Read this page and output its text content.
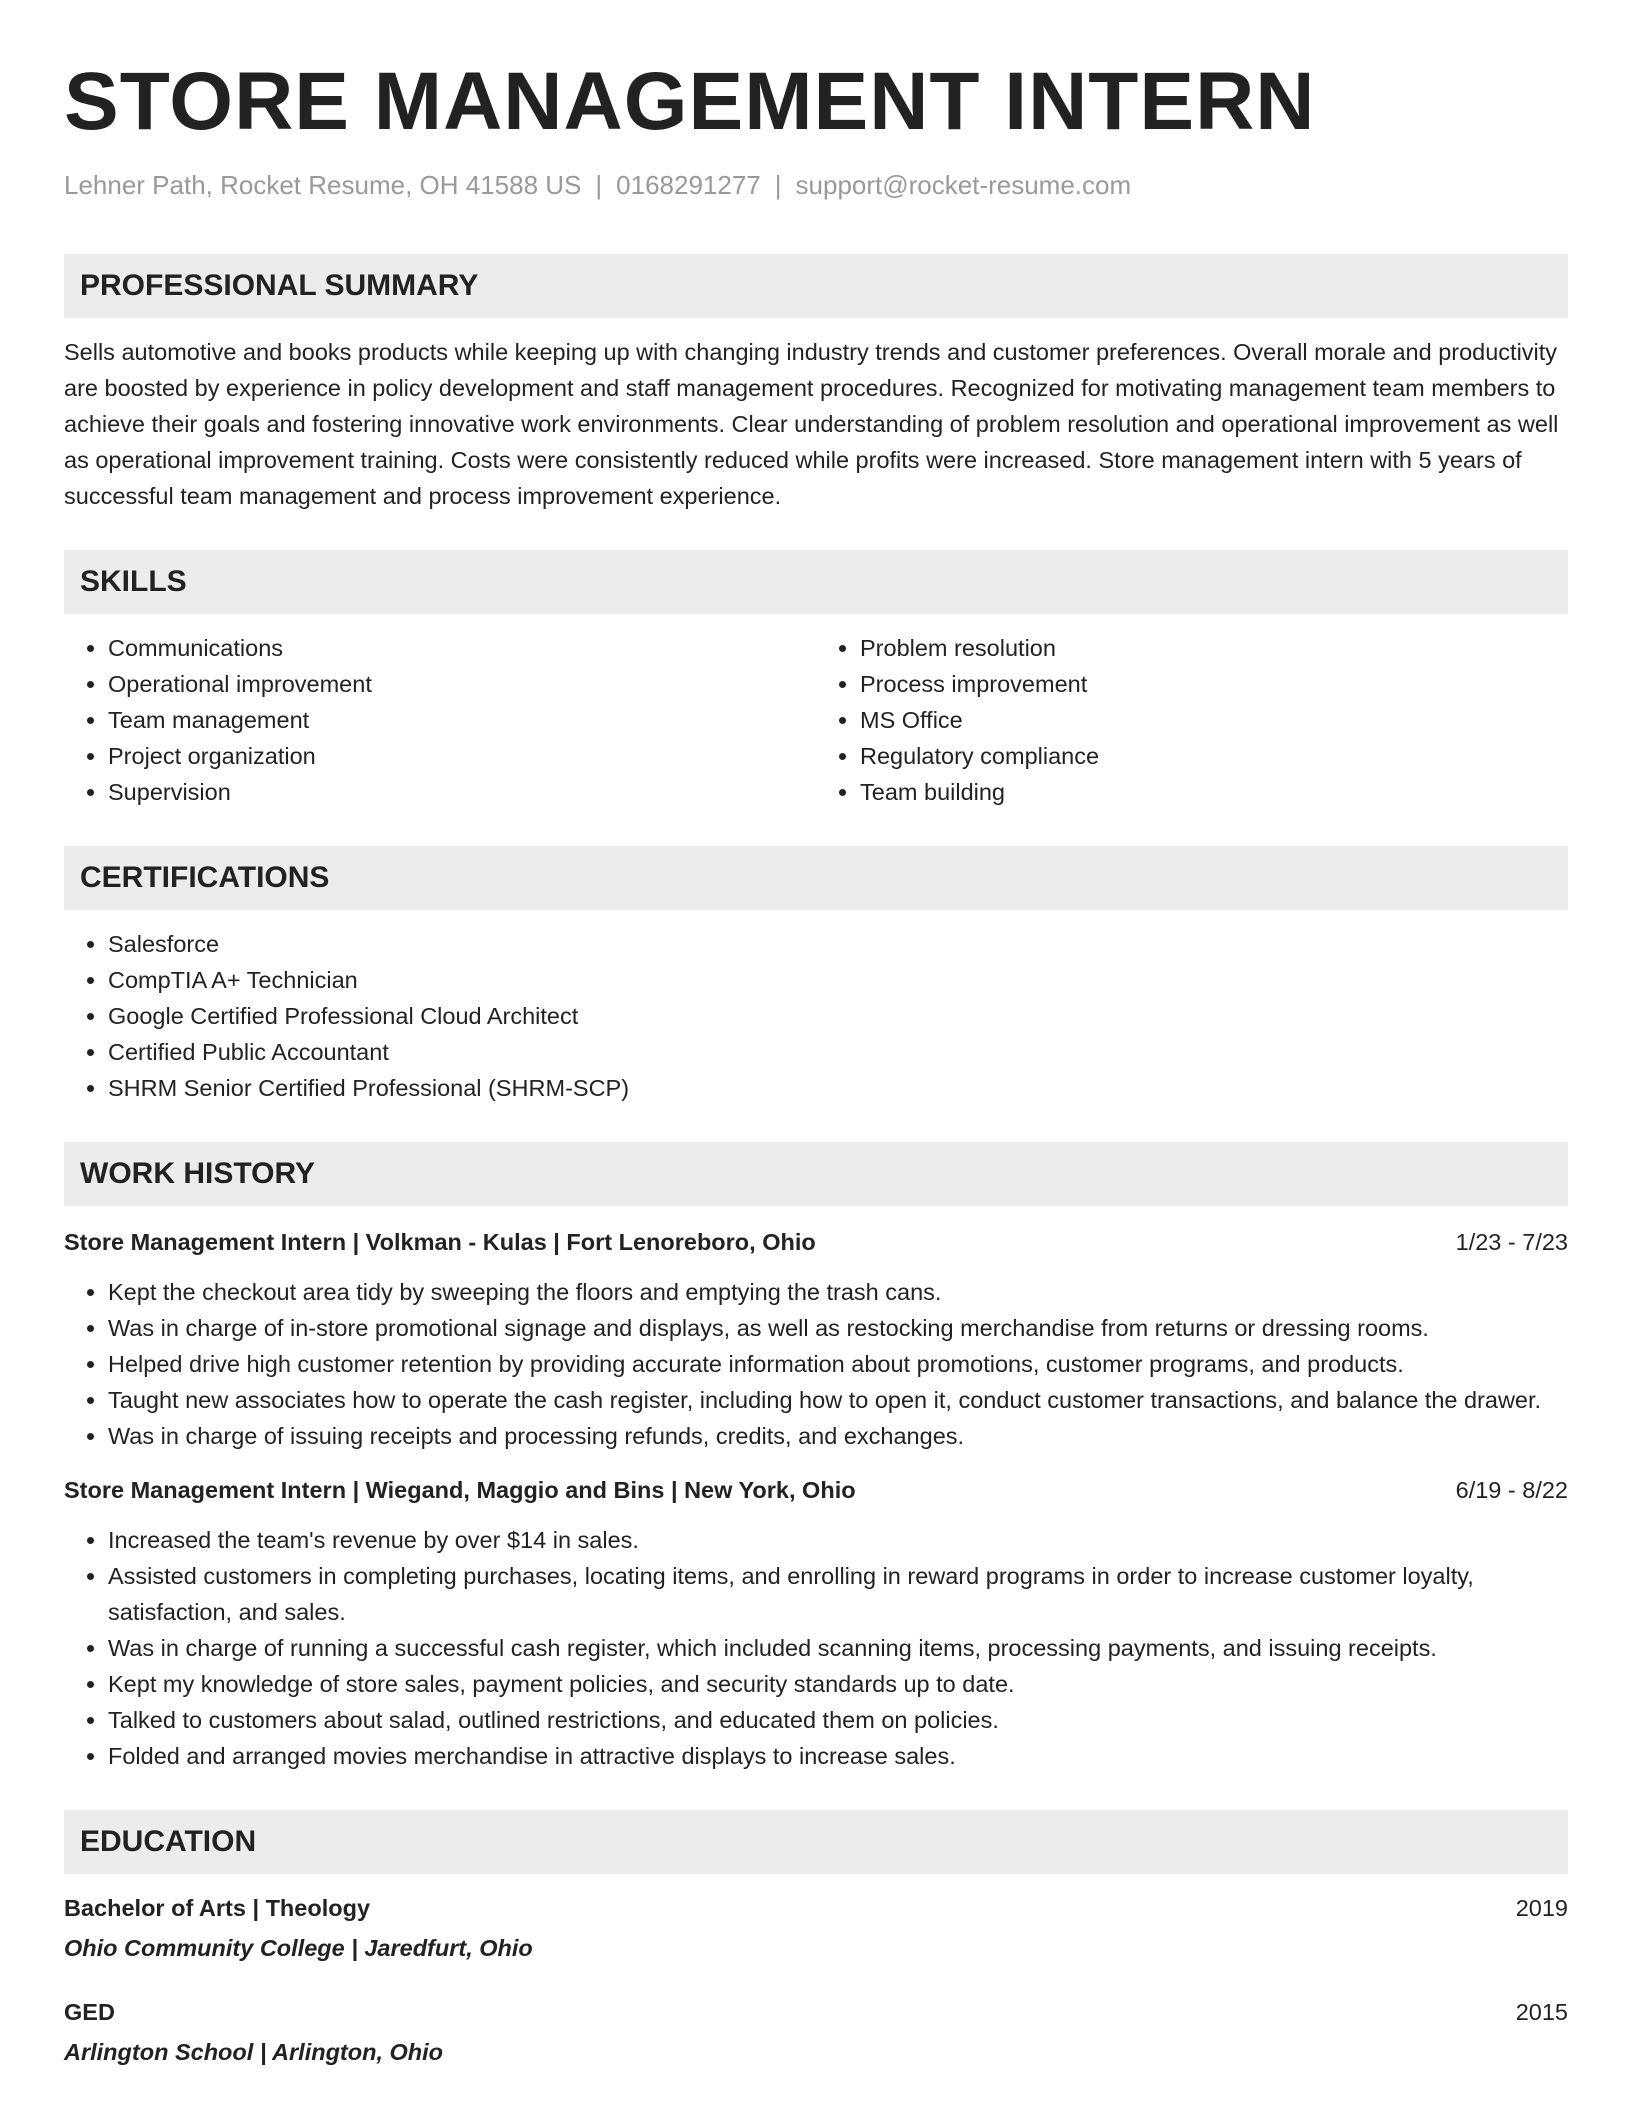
STORE MANAGEMENT INTERN
Lehner Path, Rocket Resume, OH 41588 US | 0168291277 | support@rocket-resume.com
PROFESSIONAL SUMMARY
Sells automotive and books products while keeping up with changing industry trends and customer preferences. Overall morale and productivity are boosted by experience in policy development and staff management procedures. Recognized for motivating management team members to achieve their goals and fostering innovative work environments. Clear understanding of problem resolution and operational improvement as well as operational improvement training. Costs were consistently reduced while profits were increased. Store management intern with 5 years of successful team management and process improvement experience.
SKILLS
• Communications
• Operational improvement
• Team management
• Project organization
• Supervision
• Problem resolution
• Process improvement
• MS Office
• Regulatory compliance
• Team building
CERTIFICATIONS
• Salesforce
• CompTIA A+ Technician
• Google Certified Professional Cloud Architect
• Certified Public Accountant
• SHRM Senior Certified Professional (SHRM-SCP)
WORK HISTORY
Store Management Intern | Volkman - Kulas | Fort Lenoreboro, Ohio	1/23 - 7/23
• Kept the checkout area tidy by sweeping the floors and emptying the trash cans.
• Was in charge of in-store promotional signage and displays, as well as restocking merchandise from returns or dressing rooms.
• Helped drive high customer retention by providing accurate information about promotions, customer programs, and products.
• Taught new associates how to operate the cash register, including how to open it, conduct customer transactions, and balance the drawer.
• Was in charge of issuing receipts and processing refunds, credits, and exchanges.
Store Management Intern | Wiegand, Maggio and Bins | New York, Ohio	6/19 - 8/22
• Increased the team's revenue by over $14 in sales.
• Assisted customers in completing purchases, locating items, and enrolling in reward programs in order to increase customer loyalty, satisfaction, and sales.
• Was in charge of running a successful cash register, which included scanning items, processing payments, and issuing receipts.
• Kept my knowledge of store sales, payment policies, and security standards up to date.
• Talked to customers about salad, outlined restrictions, and educated them on policies.
• Folded and arranged movies merchandise in attractive displays to increase sales.
EDUCATION
Bachelor of Arts | Theology	2019
Ohio Community College | Jaredfurt, Ohio
GED	2015
Arlington School | Arlington, Ohio
